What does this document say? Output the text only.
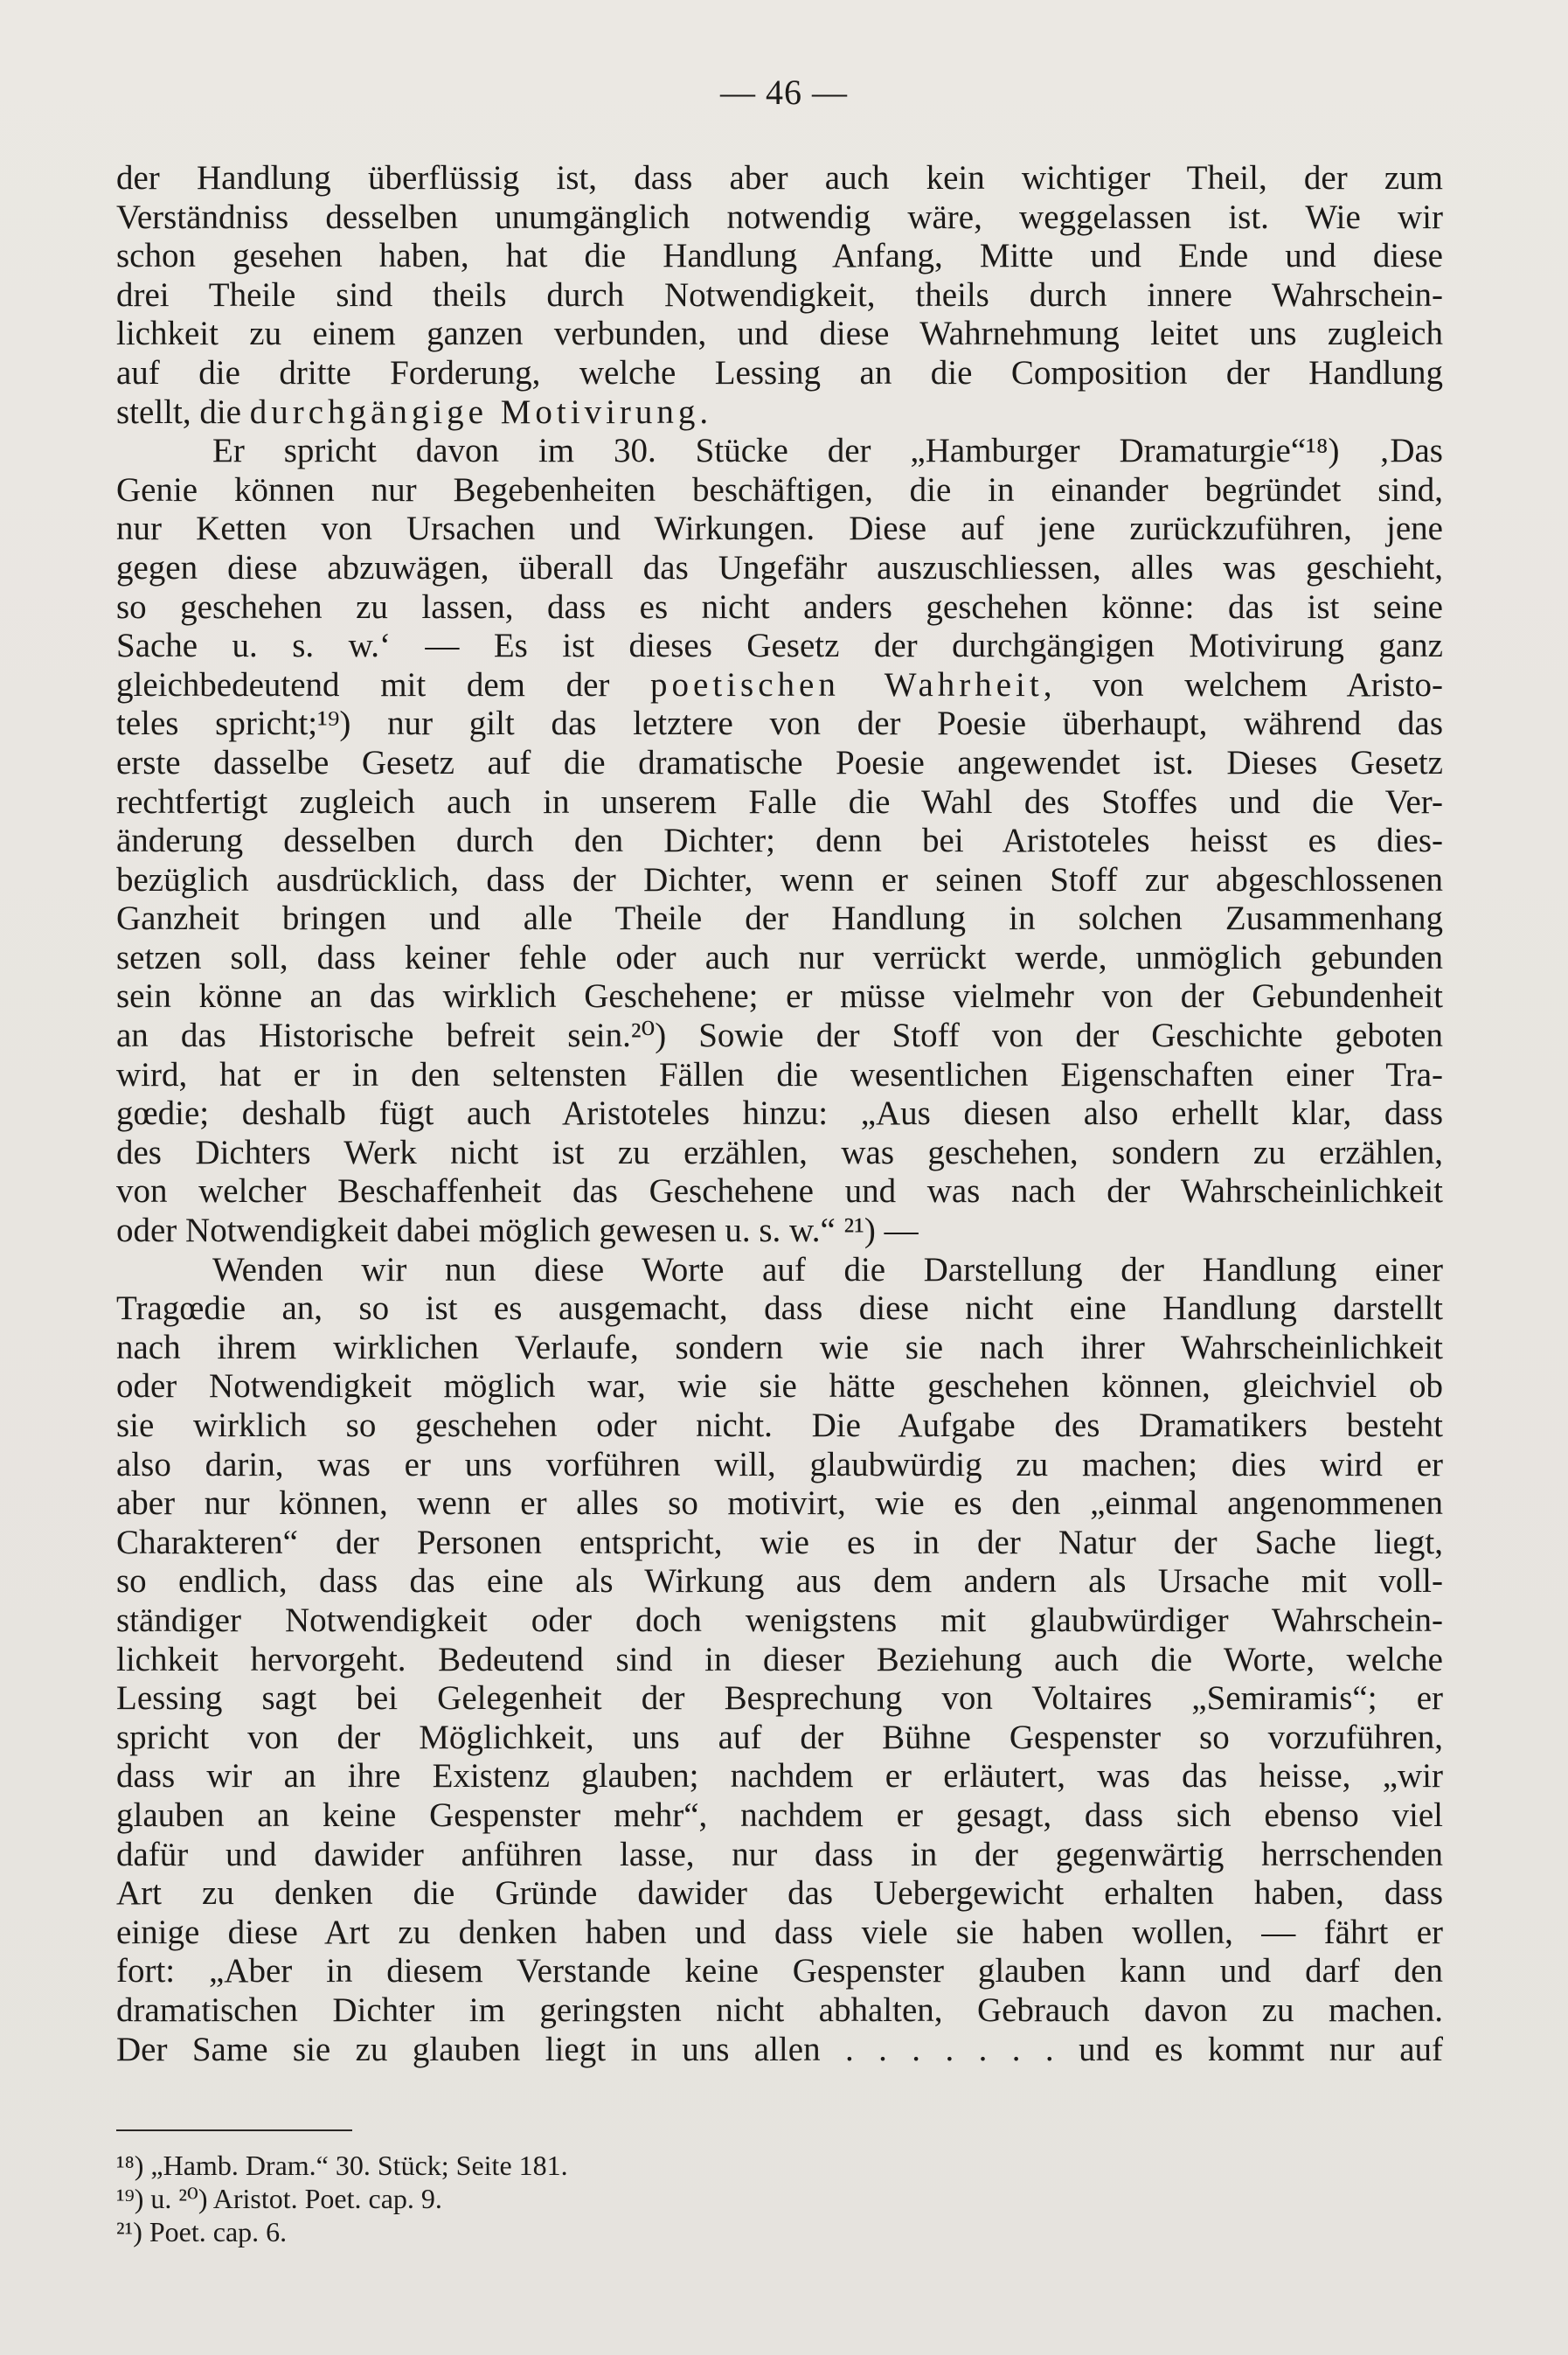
— 46 —
der Handlung überflüssig ist, dass aber auch kein wichtiger Theil, der zum
Verständniss desselben unumgänglich notwendig wäre, weggelassen ist. Wie wir
schon gesehen haben, hat die Handlung Anfang, Mitte und Ende und diese
drei Theile sind theils durch Notwendigkeit, theils durch innere Wahrschein-
lichkeit zu einem ganzen verbunden, und diese Wahrnehmung leitet uns zugleich
auf die dritte Forderung, welche Lessing an die Composition der Handlung
stellt, die durchgängige Motivirung.
Er spricht davon im 30. Stücke der „Hamburger Dramaturgie“¹⁸) ‚Das
Genie können nur Begebenheiten beschäftigen, die in einander begründet sind,
nur Ketten von Ursachen und Wirkungen. Diese auf jene zurückzuführen, jene
gegen diese abzuwägen, überall das Ungefähr auszuschliessen, alles was geschieht,
so geschehen zu lassen, dass es nicht anders geschehen könne: das ist seine
Sache u. s. w.‘ — Es ist dieses Gesetz der durchgängigen Motivirung ganz
gleichbedeutend mit dem der poetischen Wahrheit, von welchem Aristo-
teles spricht;¹⁹) nur gilt das letztere von der Poesie überhaupt, während das
erste dasselbe Gesetz auf die dramatische Poesie angewendet ist. Dieses Gesetz
rechtfertigt zugleich auch in unserem Falle die Wahl des Stoffes und die Ver-
änderung desselben durch den Dichter; denn bei Aristoteles heisst es dies-
bezüglich ausdrücklich, dass der Dichter, wenn er seinen Stoff zur abgeschlossenen
Ganzheit bringen und alle Theile der Handlung in solchen Zusammenhang
setzen soll, dass keiner fehle oder auch nur verrückt werde, unmöglich gebunden
sein könne an das wirklich Geschehene; er müsse vielmehr von der Gebundenheit
an das Historische befreit sein.²⁰) Sowie der Stoff von der Geschichte geboten
wird, hat er in den seltensten Fällen die wesentlichen Eigenschaften einer Tra-
gœdie; deshalb fügt auch Aristoteles hinzu: „Aus diesen also erhellt klar, dass
des Dichters Werk nicht ist zu erzählen, was geschehen, sondern zu erzählen,
von welcher Beschaffenheit das Geschehene und was nach der Wahrscheinlichkeit
oder Notwendigkeit dabei möglich gewesen u. s. w.“ ²¹) —
Wenden wir nun diese Worte auf die Darstellung der Handlung einer
Tragœdie an, so ist es ausgemacht, dass diese nicht eine Handlung darstellt
nach ihrem wirklichen Verlaufe, sondern wie sie nach ihrer Wahrscheinlichkeit
oder Notwendigkeit möglich war, wie sie hätte geschehen können, gleichviel ob
sie wirklich so geschehen oder nicht. Die Aufgabe des Dramatikers besteht
also darin, was er uns vorführen will, glaubwürdig zu machen; dies wird er
aber nur können, wenn er alles so motivirt, wie es den „einmal angenommenen
Charakteren“ der Personen entspricht, wie es in der Natur der Sache liegt,
so endlich, dass das eine als Wirkung aus dem andern als Ursache mit voll-
ständiger Notwendigkeit oder doch wenigstens mit glaubwürdiger Wahrschein-
lichkeit hervorgeht. Bedeutend sind in dieser Beziehung auch die Worte, welche
Lessing sagt bei Gelegenheit der Besprechung von Voltaires „Semiramis“; er
spricht von der Möglichkeit, uns auf der Bühne Gespenster so vorzuführen,
dass wir an ihre Existenz glauben; nachdem er erläutert, was das heisse, „wir
glauben an keine Gespenster mehr“, nachdem er gesagt, dass sich ebenso viel
dafür und dawider anführen lasse, nur dass in der gegenwärtig herrschenden
Art zu denken die Gründe dawider das Uebergewicht erhalten haben, dass
einige diese Art zu denken haben und dass viele sie haben wollen, — fährt er
fort: „Aber in diesem Verstande keine Gespenster glauben kann und darf den
dramatischen Dichter im geringsten nicht abhalten, Gebrauch davon zu machen.
Der Same sie zu glauben liegt in uns allen . . . . . . . und es kommt nur auf
¹⁸) „Hamb. Dram.“ 30. Stück; Seite 181.
¹⁹) u. ²⁰) Aristot. Poet. cap. 9.
²¹) Poet. cap. 6.
